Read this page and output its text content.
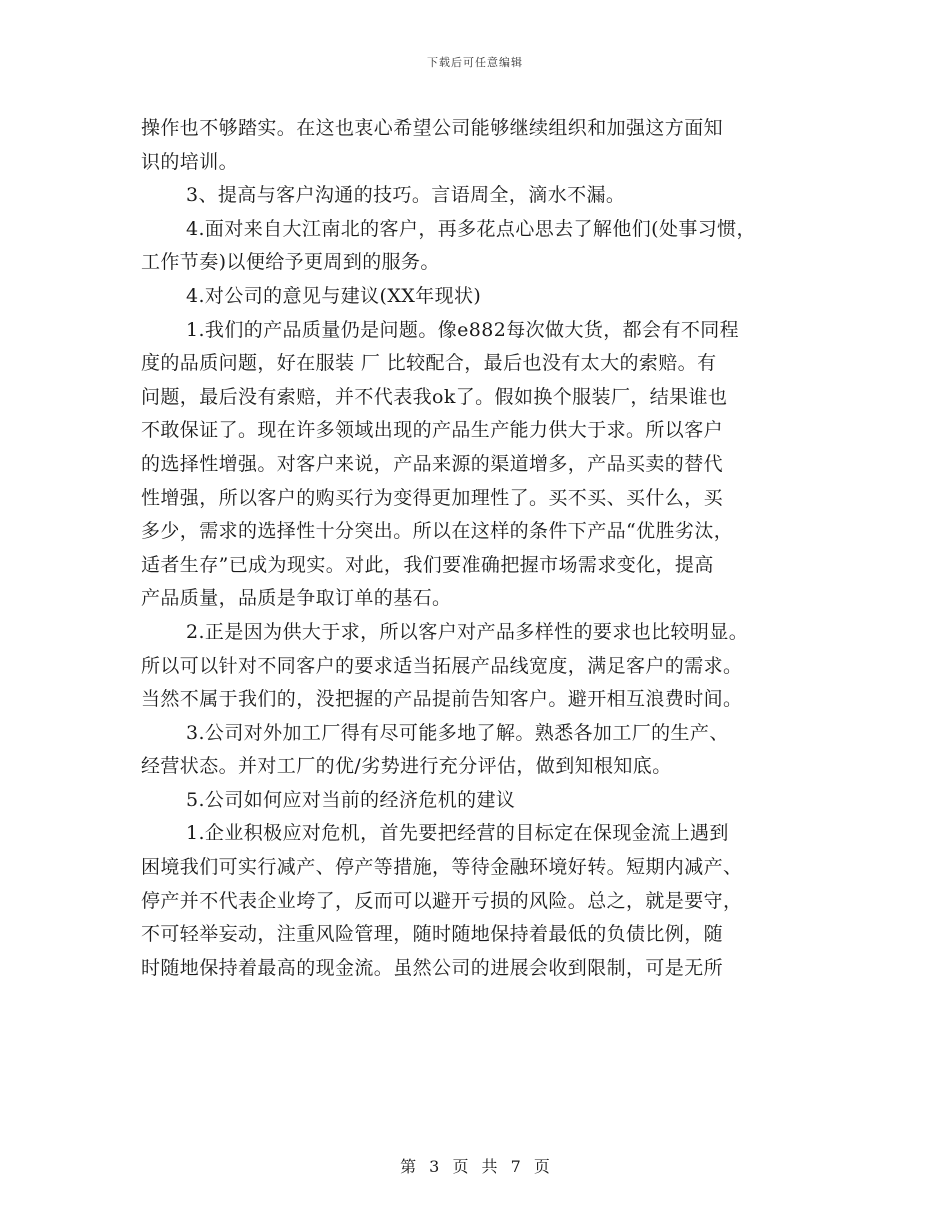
下载后可任意编辑
操作也不够踏实。在这也衷心希望公司能够继续组织和加强这方面知
识的培训。
3、提高与客户沟通的技巧。言语周全，滴水不漏。
4.面对来自大江南北的客户，再多花点心思去了解他们(处事习惯，
工作节奏)以便给予更周到的服务。
4.对公司的意见与建议(XX年现状)
1.我们的产品质量仍是问题。像e882每次做大货，都会有不同程
度的品质问题，好在服装 厂 比较配合，最后也没有太大的索赔。有
问题，最后没有索赔，并不代表我ok了。假如换个服装厂，结果谁也
不敢保证了。现在许多领域出现的产品生产能力供大于求。所以客户
的选择性增强。对客户来说，产品来源的渠道增多，产品买卖的替代
性增强，所以客户的购买行为变得更加理性了。买不买、买什么，买
多少，需求的选择性十分突出。所以在这样的条件下产品“优胜劣汰，
适者生存”已成为现实。对此，我们要准确把握市场需求变化，提高
产品质量，品质是争取订单的基石。
2.正是因为供大于求，所以客户对产品多样性的要求也比较明显。
所以可以针对不同客户的要求适当拓展产品线宽度，满足客户的需求。
当然不属于我们的，没把握的产品提前告知客户。避开相互浪费时间。
3.公司对外加工厂得有尽可能多地了解。熟悉各加工厂的生产、
经营状态。并对工厂的优/劣势进行充分评估，做到知根知底。
5.公司如何应对当前的经济危机的建议
1.企业积极应对危机，首先要把经营的目标定在保现金流上遇到
困境我们可实行减产、停产等措施，等待金融环境好转。短期内减产、
停产并不代表企业垮了，反而可以避开亏损的风险。总之，就是要守，
不可轻举妄动，注重风险管理，随时随地保持着最低的负债比例，随
时随地保持着最高的现金流。虽然公司的进展会收到限制，可是无所
第 3 页 共 7 页
